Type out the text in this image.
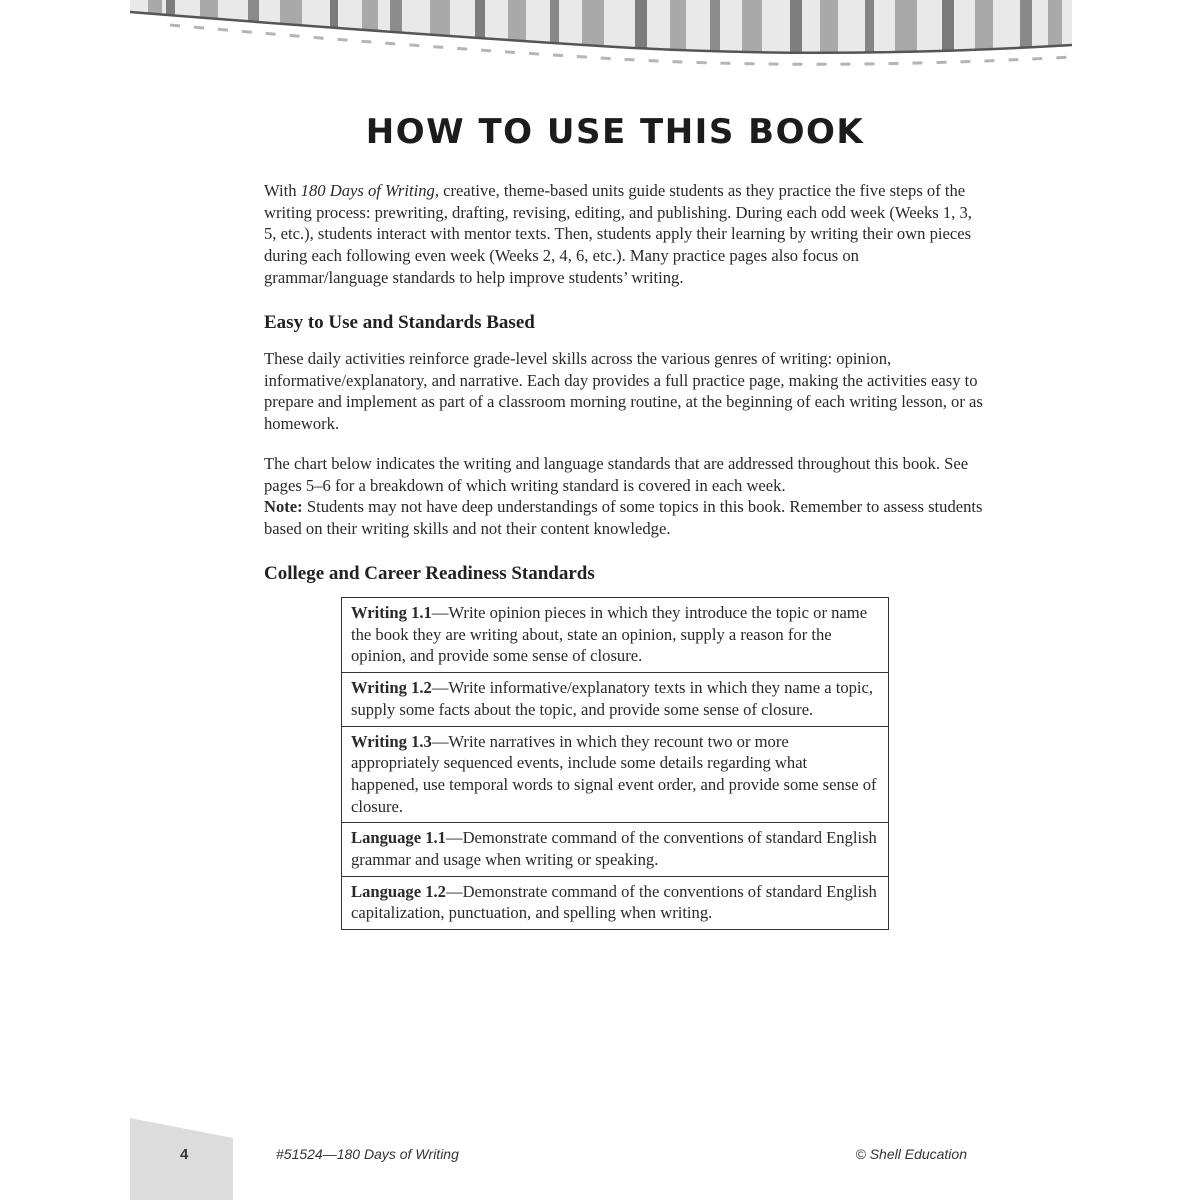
HOW TO USE THIS BOOK

With 180 Days of Writing, creative, theme-based units guide students as they practice the five steps of the writing process: prewriting, drafting, revising, editing, and publishing. During each odd week (Weeks 1, 3, 5, etc.), students interact with mentor texts. Then, students apply their learning by writing their own pieces during each following even week (Weeks 2, 4, 6, etc.). Many practice pages also focus on grammar/language standards to help improve students’ writing.

Easy to Use and Standards Based

These daily activities reinforce grade-level skills across the various genres of writing: opinion, informative/explanatory, and narrative. Each day provides a full practice page, making the activities easy to prepare and implement as part of a classroom morning routine, at the beginning of each writing lesson, or as homework.

The chart below indicates the writing and language standards that are addressed throughout this book. See pages 5–6 for a breakdown of which writing standard is covered in each week.
Note: Students may not have deep understandings of some topics in this book. Remember to assess students based on their writing skills and not their content knowledge.

College and Career Readiness Standards
Writing 1.1—Write opinion pieces in which they introduce the topic or name the book they are writing about, state an opinion, supply a reason for the opinion, and provide some sense of closure.
Writing 1.2—Write informative/explanatory texts in which they name a topic, supply some facts about the topic, and provide some sense of closure.
Writing 1.3—Write narratives in which they recount two or more appropriately sequenced events, include some details regarding what happened, use temporal words to signal event order, and provide some sense of closure.
Language 1.1—Demonstrate command of the conventions of standard English grammar and usage when writing or speaking.
Language 1.2—Demonstrate command of the conventions of standard English capitalization, punctuation, and spelling when writing.
4	#51524—180 Days of Writing	© Shell Education
